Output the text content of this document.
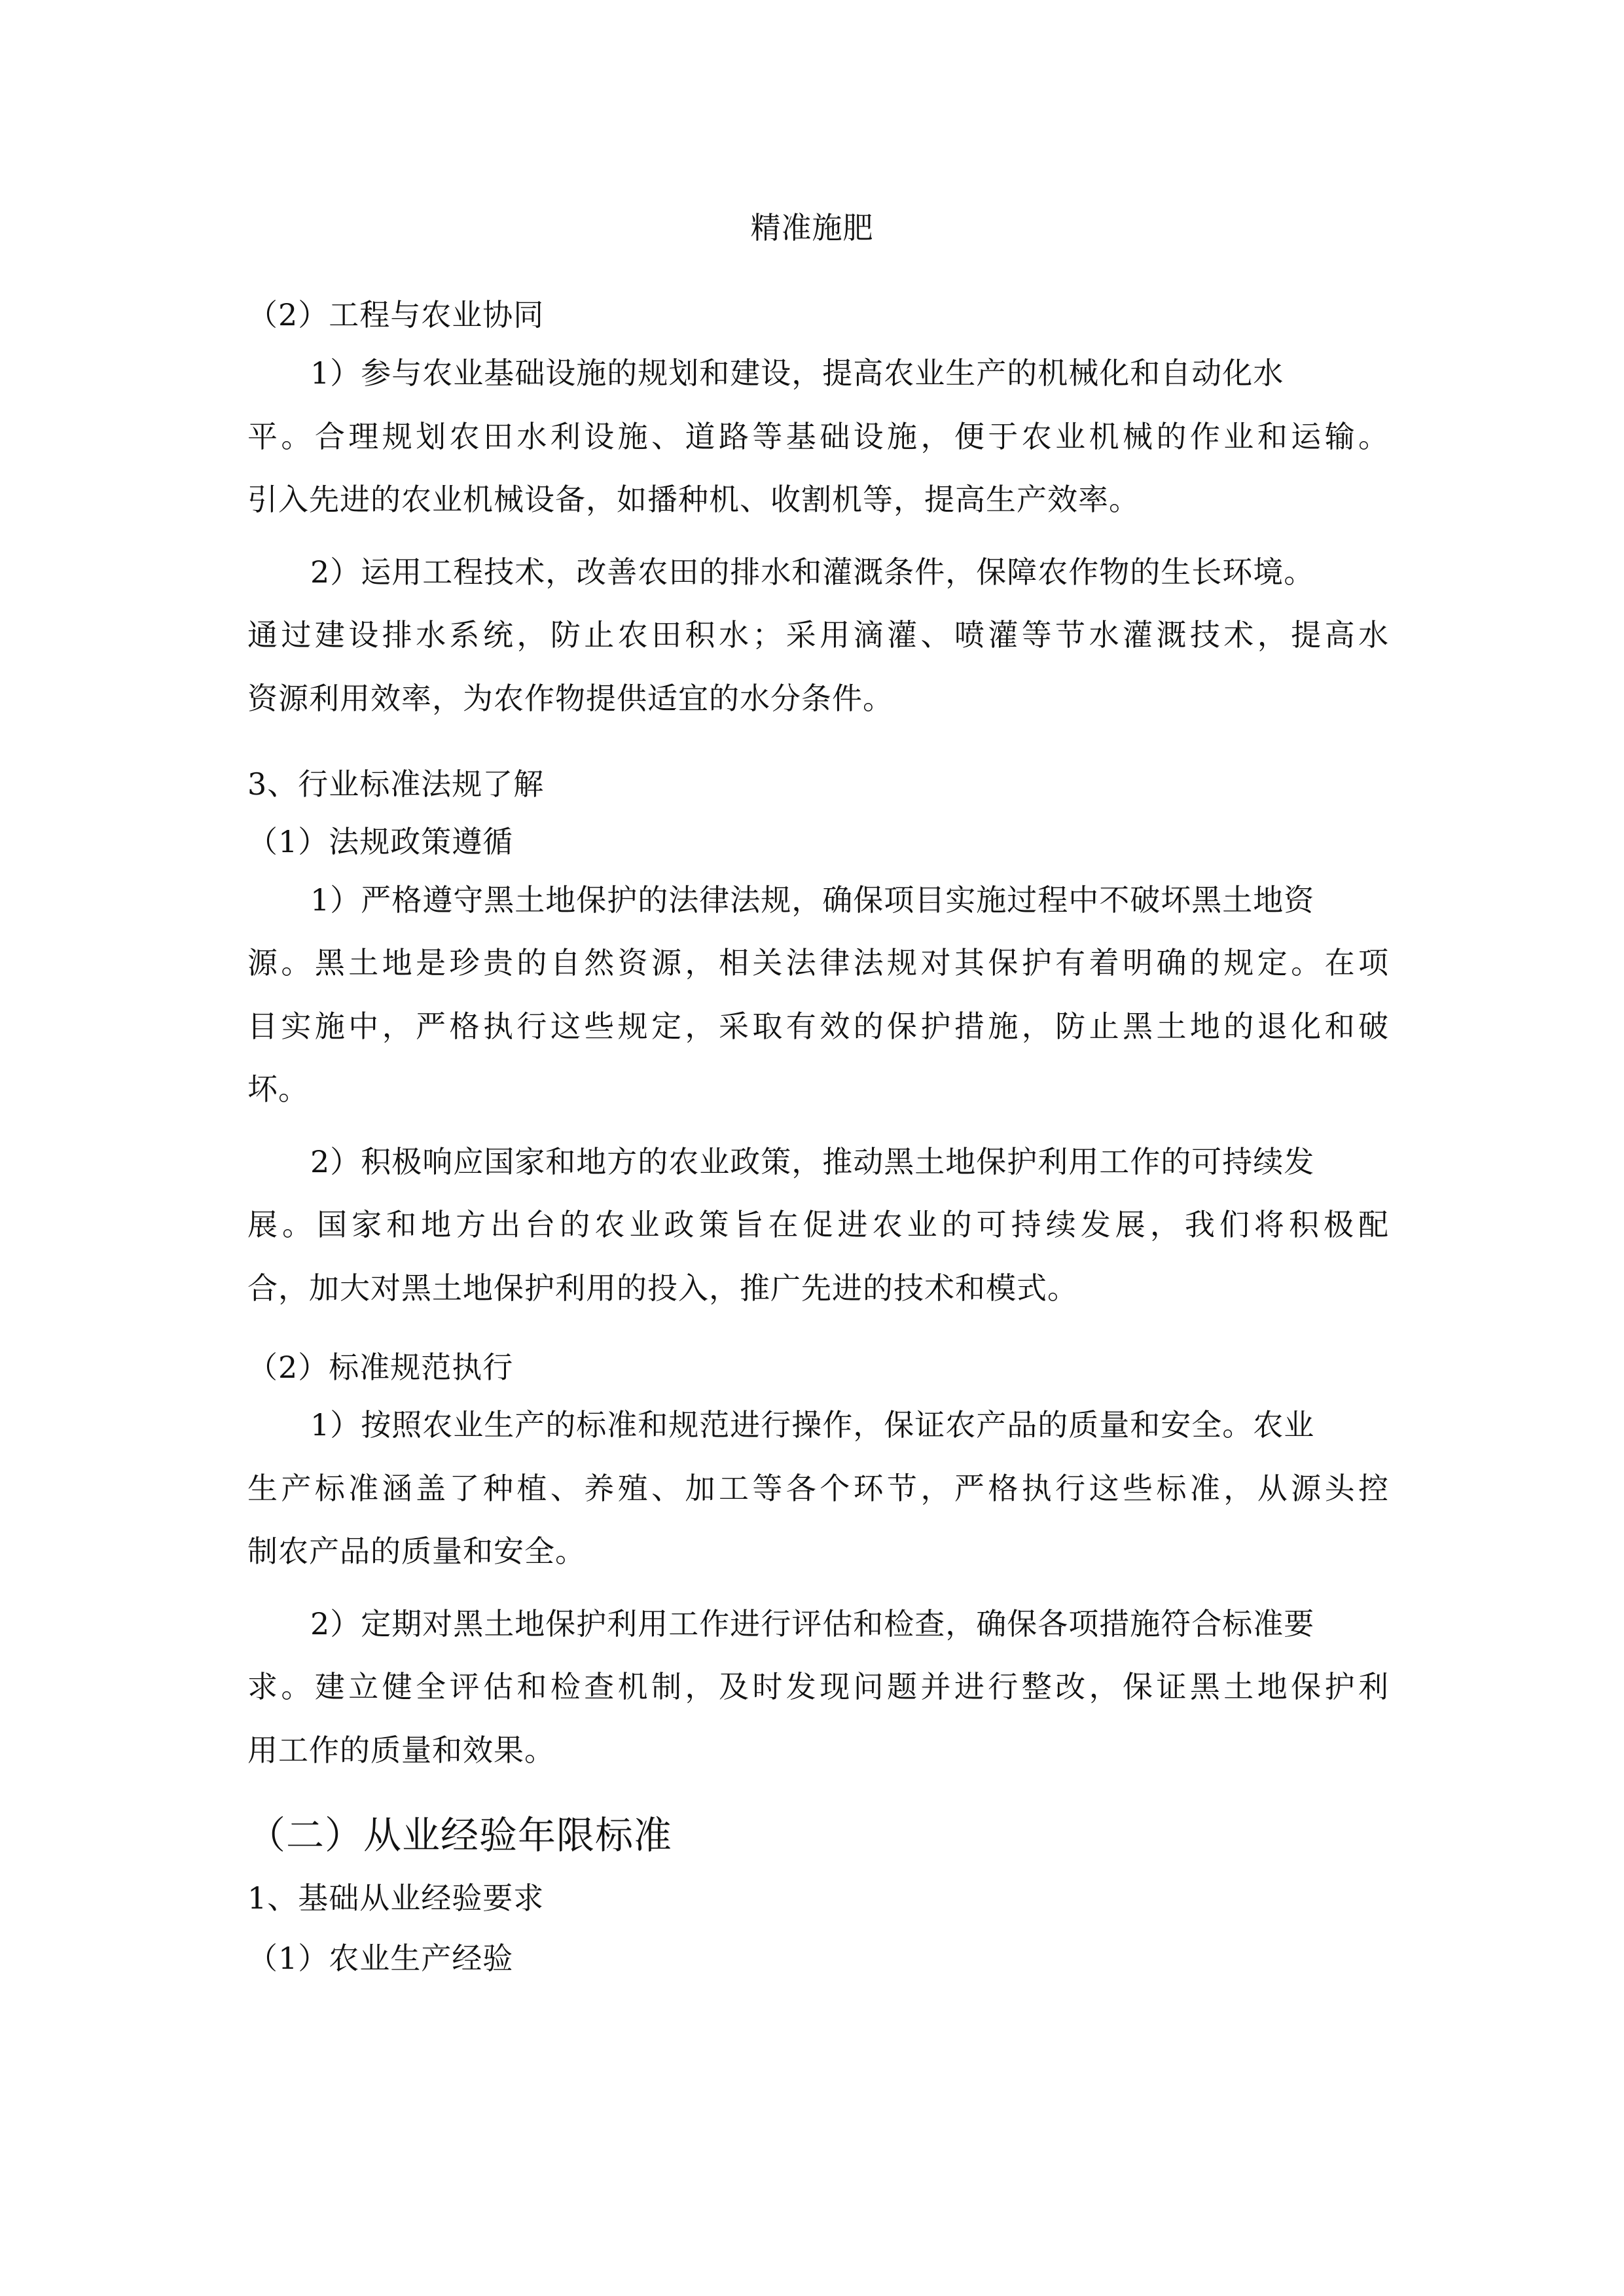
精准施肥
（2）工程与农业协同
1）参与农业基础设施的规划和建设，提高农业生产的机械化和自动化水
平。合理规划农田水利设施、道路等基础设施，便于农业机械的作业和运输。
引入先进的农业机械设备，如播种机、收割机等，提高生产效率。
2）运用工程技术，改善农田的排水和灌溉条件，保障农作物的生长环境。
通过建设排水系统，防止农田积水；采用滴灌、喷灌等节水灌溉技术，提高水
资源利用效率，为农作物提供适宜的水分条件。
3、行业标准法规了解
（1）法规政策遵循
1）严格遵守黑土地保护的法律法规，确保项目实施过程中不破坏黑土地资
源。黑土地是珍贵的自然资源，相关法律法规对其保护有着明确的规定。在项
目实施中，严格执行这些规定，采取有效的保护措施，防止黑土地的退化和破
坏。
2）积极响应国家和地方的农业政策，推动黑土地保护利用工作的可持续发
展。国家和地方出台的农业政策旨在促进农业的可持续发展，我们将积极配
合，加大对黑土地保护利用的投入，推广先进的技术和模式。
（2）标准规范执行
1）按照农业生产的标准和规范进行操作，保证农产品的质量和安全。农业
生产标准涵盖了种植、养殖、加工等各个环节，严格执行这些标准，从源头控
制农产品的质量和安全。
2）定期对黑土地保护利用工作进行评估和检查，确保各项措施符合标准要
求。建立健全评估和检查机制，及时发现问题并进行整改，保证黑土地保护利
用工作的质量和效果。
（二）从业经验年限标准
1、基础从业经验要求
（1）农业生产经验
